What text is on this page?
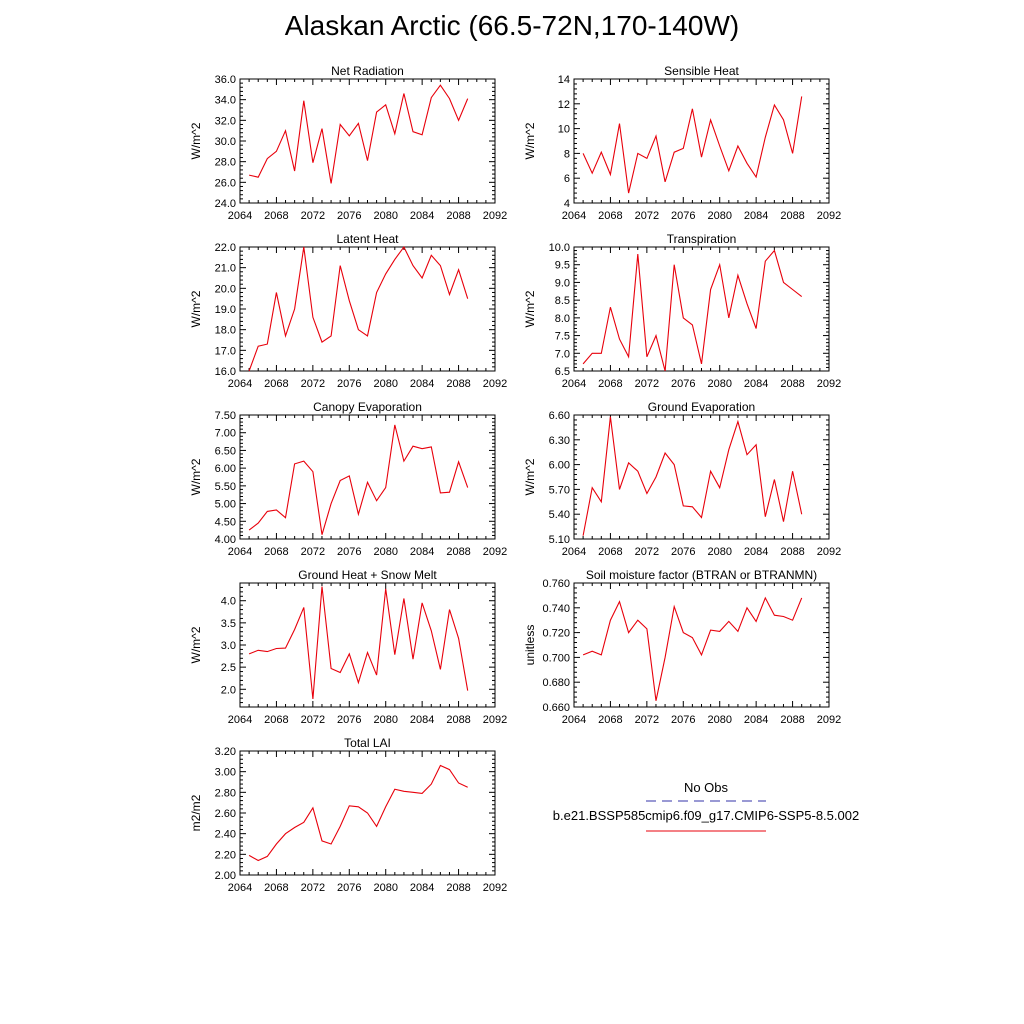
Alaskan Arctic (66.5-72N,170-140W)
Net Radiation
2064 2068 2072 2076 2080 2084 2088 2092
24.0
26.0
28.0
30.0
32.0
34.0
36.0
W/m^2
Sensible Heat
2064 2068 2072 2076 2080 2084 2088 2092
4
6
8
10
12
14
W/m^2
Latent Heat
2064 2068 2072 2076 2080 2084 2088 2092
16.0
17.0
18.0
19.0
20.0
21.0
22.0
W/m^2
Transpiration
2064 2068 2072 2076 2080 2084 2088 2092
6.5
7.0
7.5
8.0
8.5
9.0
9.5
10.0
W/m^2
Canopy Evaporation
2064 2068 2072 2076 2080 2084 2088 2092
4.00
4.50
5.00
5.50
6.00
6.50
7.00
7.50
W/m^2
Ground Evaporation
2064 2068 2072 2076 2080 2084 2088 2092
5.10
5.40
5.70
6.00
6.30
6.60
W/m^2
Ground Heat + Snow Melt
2064 2068 2072 2076 2080 2084 2088 2092
2.0
2.5
3.0
3.5
4.0
W/m^2
Soil moisture factor (BTRAN or BTRANMN)
2064 2068 2072 2076 2080 2084 2088 2092
0.660
0.680
0.700
0.720
0.740
0.760
unitless
Total LAI
2064 2068 2072 2076 2080 2084 2088 2092
2.00
2.20
2.40
2.60
2.80
3.00
3.20
m2/m2
No Obs
b.e21.BSSP585cmip6.f09_g17.CMIP6-SSP5-8.5.002
